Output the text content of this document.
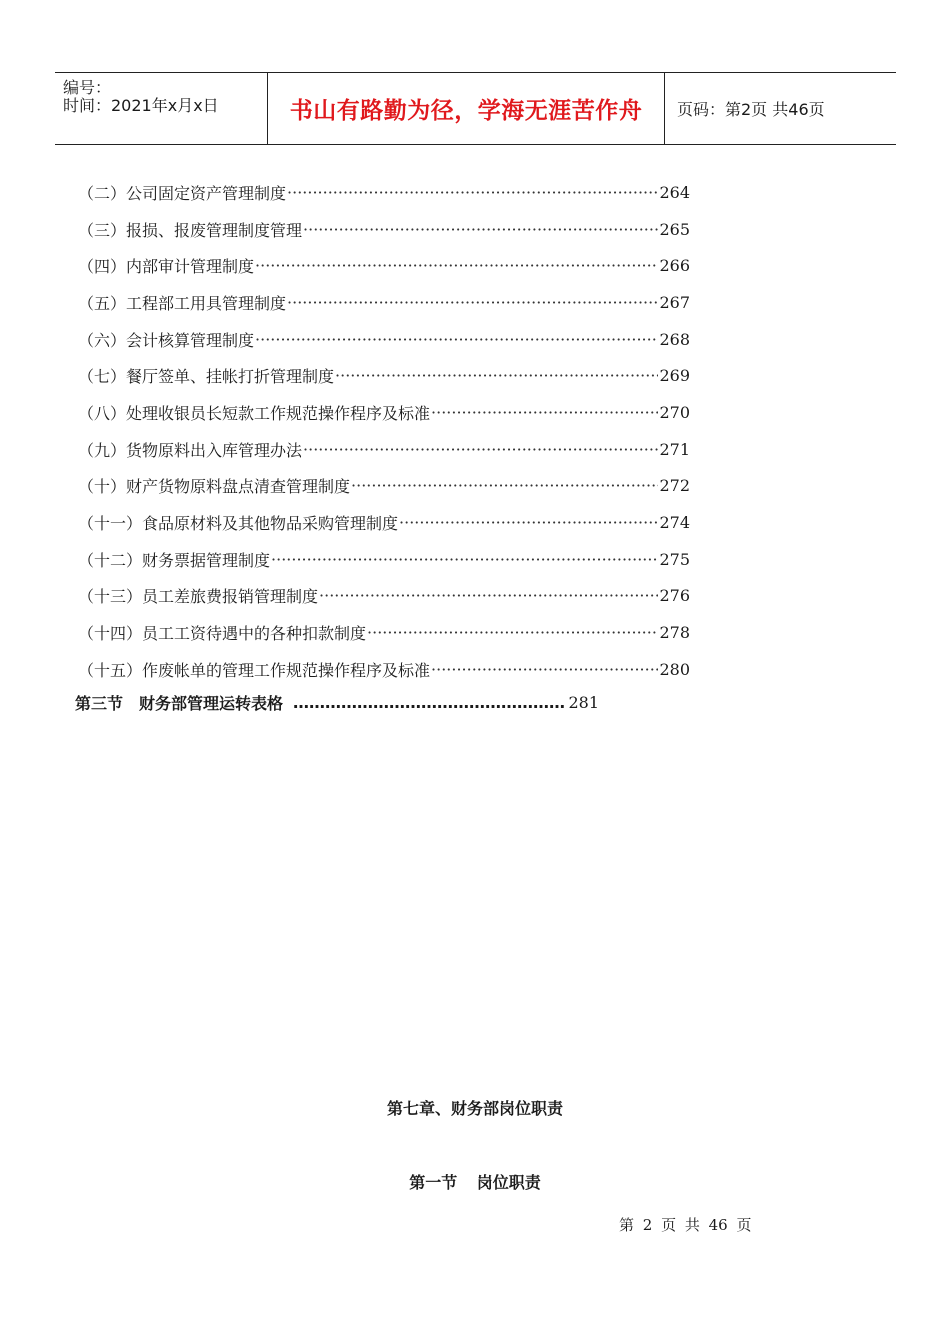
编号：
时间：2021年x月x日	书山有路勤为径，学海无涯苦作舟	页码：第2页 共46页
（二）公司固定资产管理制度 ·····	264
（三）报损、报废管理制度管理 ·····	265
（四）内部审计管理制度 ·····	266
（五）工程部工用具管理制度 ·····	267
（六）会计核算管理制度 ·····	268
（七）餐厅签单、挂帐打折管理制度 ·····	269
（八）处理收银员长短款工作规范操作程序及标准 ·····	270
（九）货物原料出入库管理办法 ·····	271
（十）财产货物原料盘点清查管理制度 ·····	272
（十一）食品原材料及其他物品采购管理制度 ·····	274
（十二）财务票据管理制度 ·····	275
（十三）员工差旅费报销管理制度 ·····	276
（十四）员工工资待遇中的各种扣款制度 ·····	278
（十五）作废帐单的管理工作规范操作程序及标准 ·····	280
第三节　财务部管理运转表格 ……………………………………………………………………………………………	281
第七章、财务部岗位职责
第一节 岗位职责
第 2 页 共 46 页
